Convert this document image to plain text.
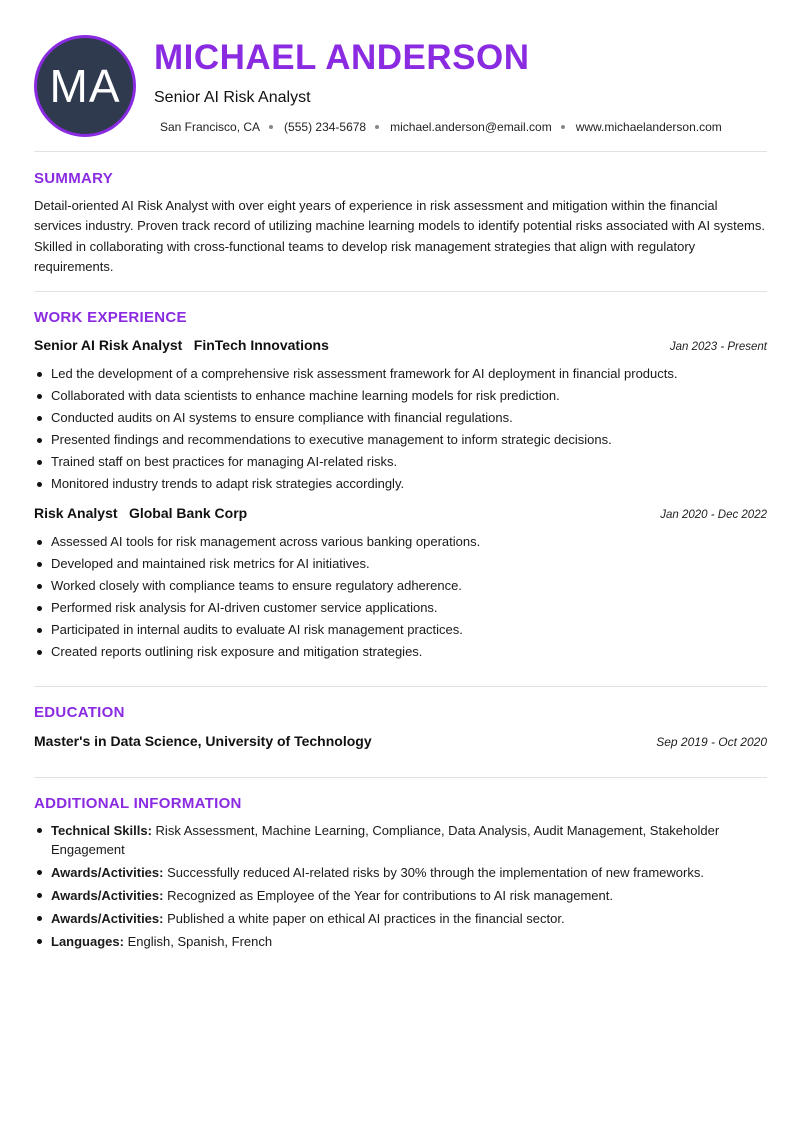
MA
MICHAEL ANDERSON
Senior AI Risk Analyst
San Francisco, CA (555) 234-5678 michael.anderson@email.com www.michaelanderson.com
SUMMARY
Detail-oriented AI Risk Analyst with over eight years of experience in risk assessment and mitigation within the financial services industry. Proven track record of utilizing machine learning models to identify potential risks associated with AI systems. Skilled in collaborating with cross-functional teams to develop risk management strategies that align with regulatory requirements.
WORK EXPERIENCE
Senior AI Risk Analyst FinTech Innovations	Jan 2023 - Present
Led the development of a comprehensive risk assessment framework for AI deployment in financial products.
Collaborated with data scientists to enhance machine learning models for risk prediction.
Conducted audits on AI systems to ensure compliance with financial regulations.
Presented findings and recommendations to executive management to inform strategic decisions.
Trained staff on best practices for managing AI-related risks.
Monitored industry trends to adapt risk strategies accordingly.
Risk Analyst Global Bank Corp	Jan 2020 - Dec 2022
Assessed AI tools for risk management across various banking operations.
Developed and maintained risk metrics for AI initiatives.
Worked closely with compliance teams to ensure regulatory adherence.
Performed risk analysis for AI-driven customer service applications.
Participated in internal audits to evaluate AI risk management practices.
Created reports outlining risk exposure and mitigation strategies.
EDUCATION
Master's in Data Science, University of Technology	Sep 2019 - Oct 2020
ADDITIONAL INFORMATION
Technical Skills: Risk Assessment, Machine Learning, Compliance, Data Analysis, Audit Management, Stakeholder Engagement
Awards/Activities: Successfully reduced AI-related risks by 30% through the implementation of new frameworks.
Awards/Activities: Recognized as Employee of the Year for contributions to AI risk management.
Awards/Activities: Published a white paper on ethical AI practices in the financial sector.
Languages: English, Spanish, French
